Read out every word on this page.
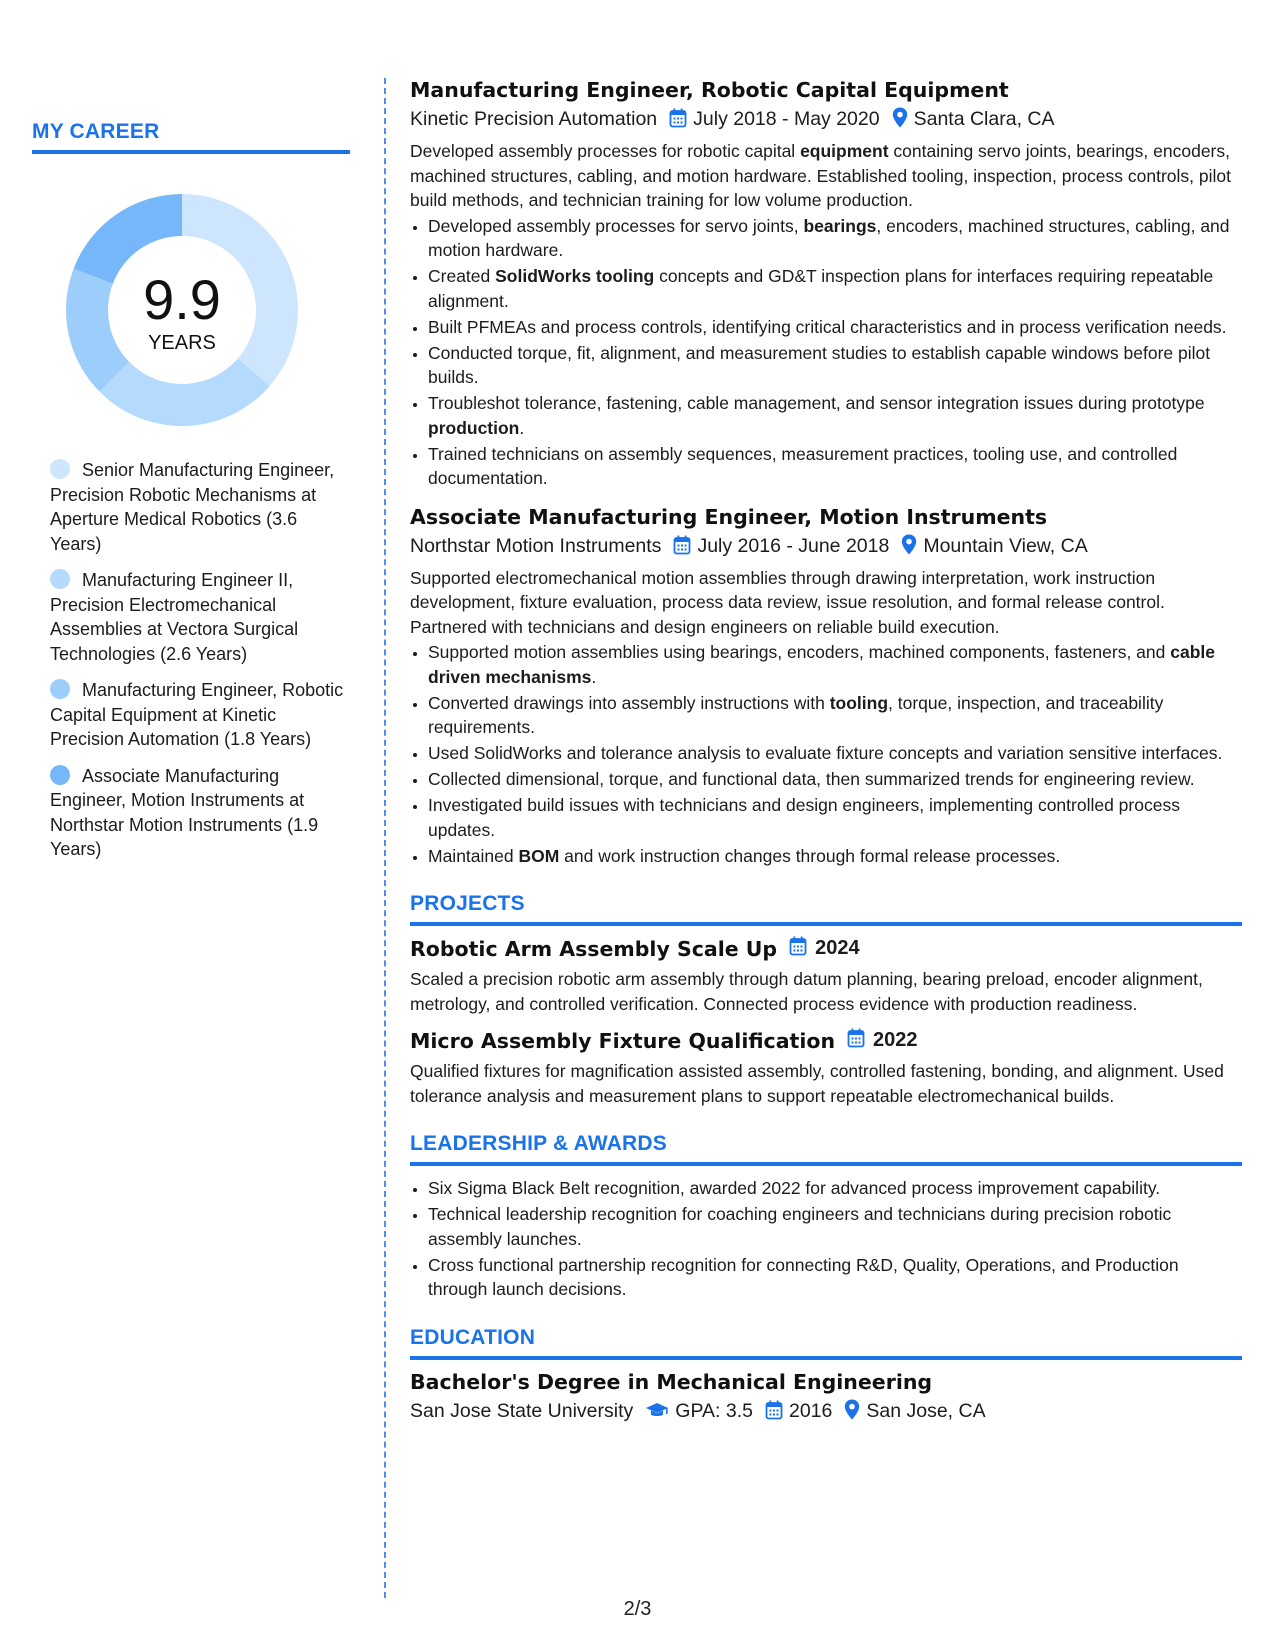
MY CAREER
9.9
YEARS
Senior Manufacturing Engineer, Precision Robotic Mechanisms at Aperture Medical Robotics (3.6 Years)
Manufacturing Engineer II, Precision Electromechanical Assemblies at Vectora Surgical Technologies (2.6 Years)
Manufacturing Engineer, Robotic Capital Equipment at Kinetic Precision Automation (1.8 Years)
Associate Manufacturing Engineer, Motion Instruments at Northstar Motion Instruments (1.9 Years)
Manufacturing Engineer, Robotic Capital Equipment
Kinetic Precision Automation July 2018 - May 2020 Santa Clara, CA

Developed assembly processes for robotic capital equipment containing servo joints, bearings, encoders, machined structures, cabling, and motion hardware. Established tooling, inspection, process controls, pilot build methods, and technician training for low volume production.

• Developed assembly processes for servo joints, bearings, encoders, machined structures, cabling, and motion hardware.
• Created SolidWorks tooling concepts and GD&T inspection plans for interfaces requiring repeatable alignment.
• Built PFMEAs and process controls, identifying critical characteristics and in process verification needs.
• Conducted torque, fit, alignment, and measurement studies to establish capable windows before pilot builds.
• Troubleshot tolerance, fastening, cable management, and sensor integration issues during prototype production.
• Trained technicians on assembly sequences, measurement practices, tooling use, and controlled documentation.
Associate Manufacturing Engineer, Motion Instruments
Northstar Motion Instruments July 2016 - June 2018 Mountain View, CA

Supported electromechanical motion assemblies through drawing interpretation, work instruction development, fixture evaluation, process data review, issue resolution, and formal release control. Partnered with technicians and design engineers on reliable build execution.

• Supported motion assemblies using bearings, encoders, machined components, fasteners, and cable driven mechanisms.
• Converted drawings into assembly instructions with tooling, torque, inspection, and traceability requirements.
• Used SolidWorks and tolerance analysis to evaluate fixture concepts and variation sensitive interfaces.
• Collected dimensional, torque, and functional data, then summarized trends for engineering review.
• Investigated build issues with technicians and design engineers, implementing controlled process updates.
• Maintained BOM and work instruction changes through formal release processes.
PROJECTS
Robotic Arm Assembly Scale Up 2024

Scaled a precision robotic arm assembly through datum planning, bearing preload, encoder alignment, metrology, and controlled verification. Connected process evidence with production readiness.

Micro Assembly Fixture Qualification 2022

Qualified fixtures for magnification assisted assembly, controlled fastening, bonding, and alignment. Used tolerance analysis and measurement plans to support repeatable electromechanical builds.

LEADERSHIP & AWARDS
• Six Sigma Black Belt recognition, awarded 2022 for advanced process improvement capability.
• Technical leadership recognition for coaching engineers and technicians during precision robotic assembly launches.
• Cross functional partnership recognition for connecting R&D, Quality, Operations, and Production through launch decisions.
EDUCATION
Bachelor's Degree in Mechanical Engineering
San Jose State University GPA: 3.5 2016 San Jose, CA
2/3
